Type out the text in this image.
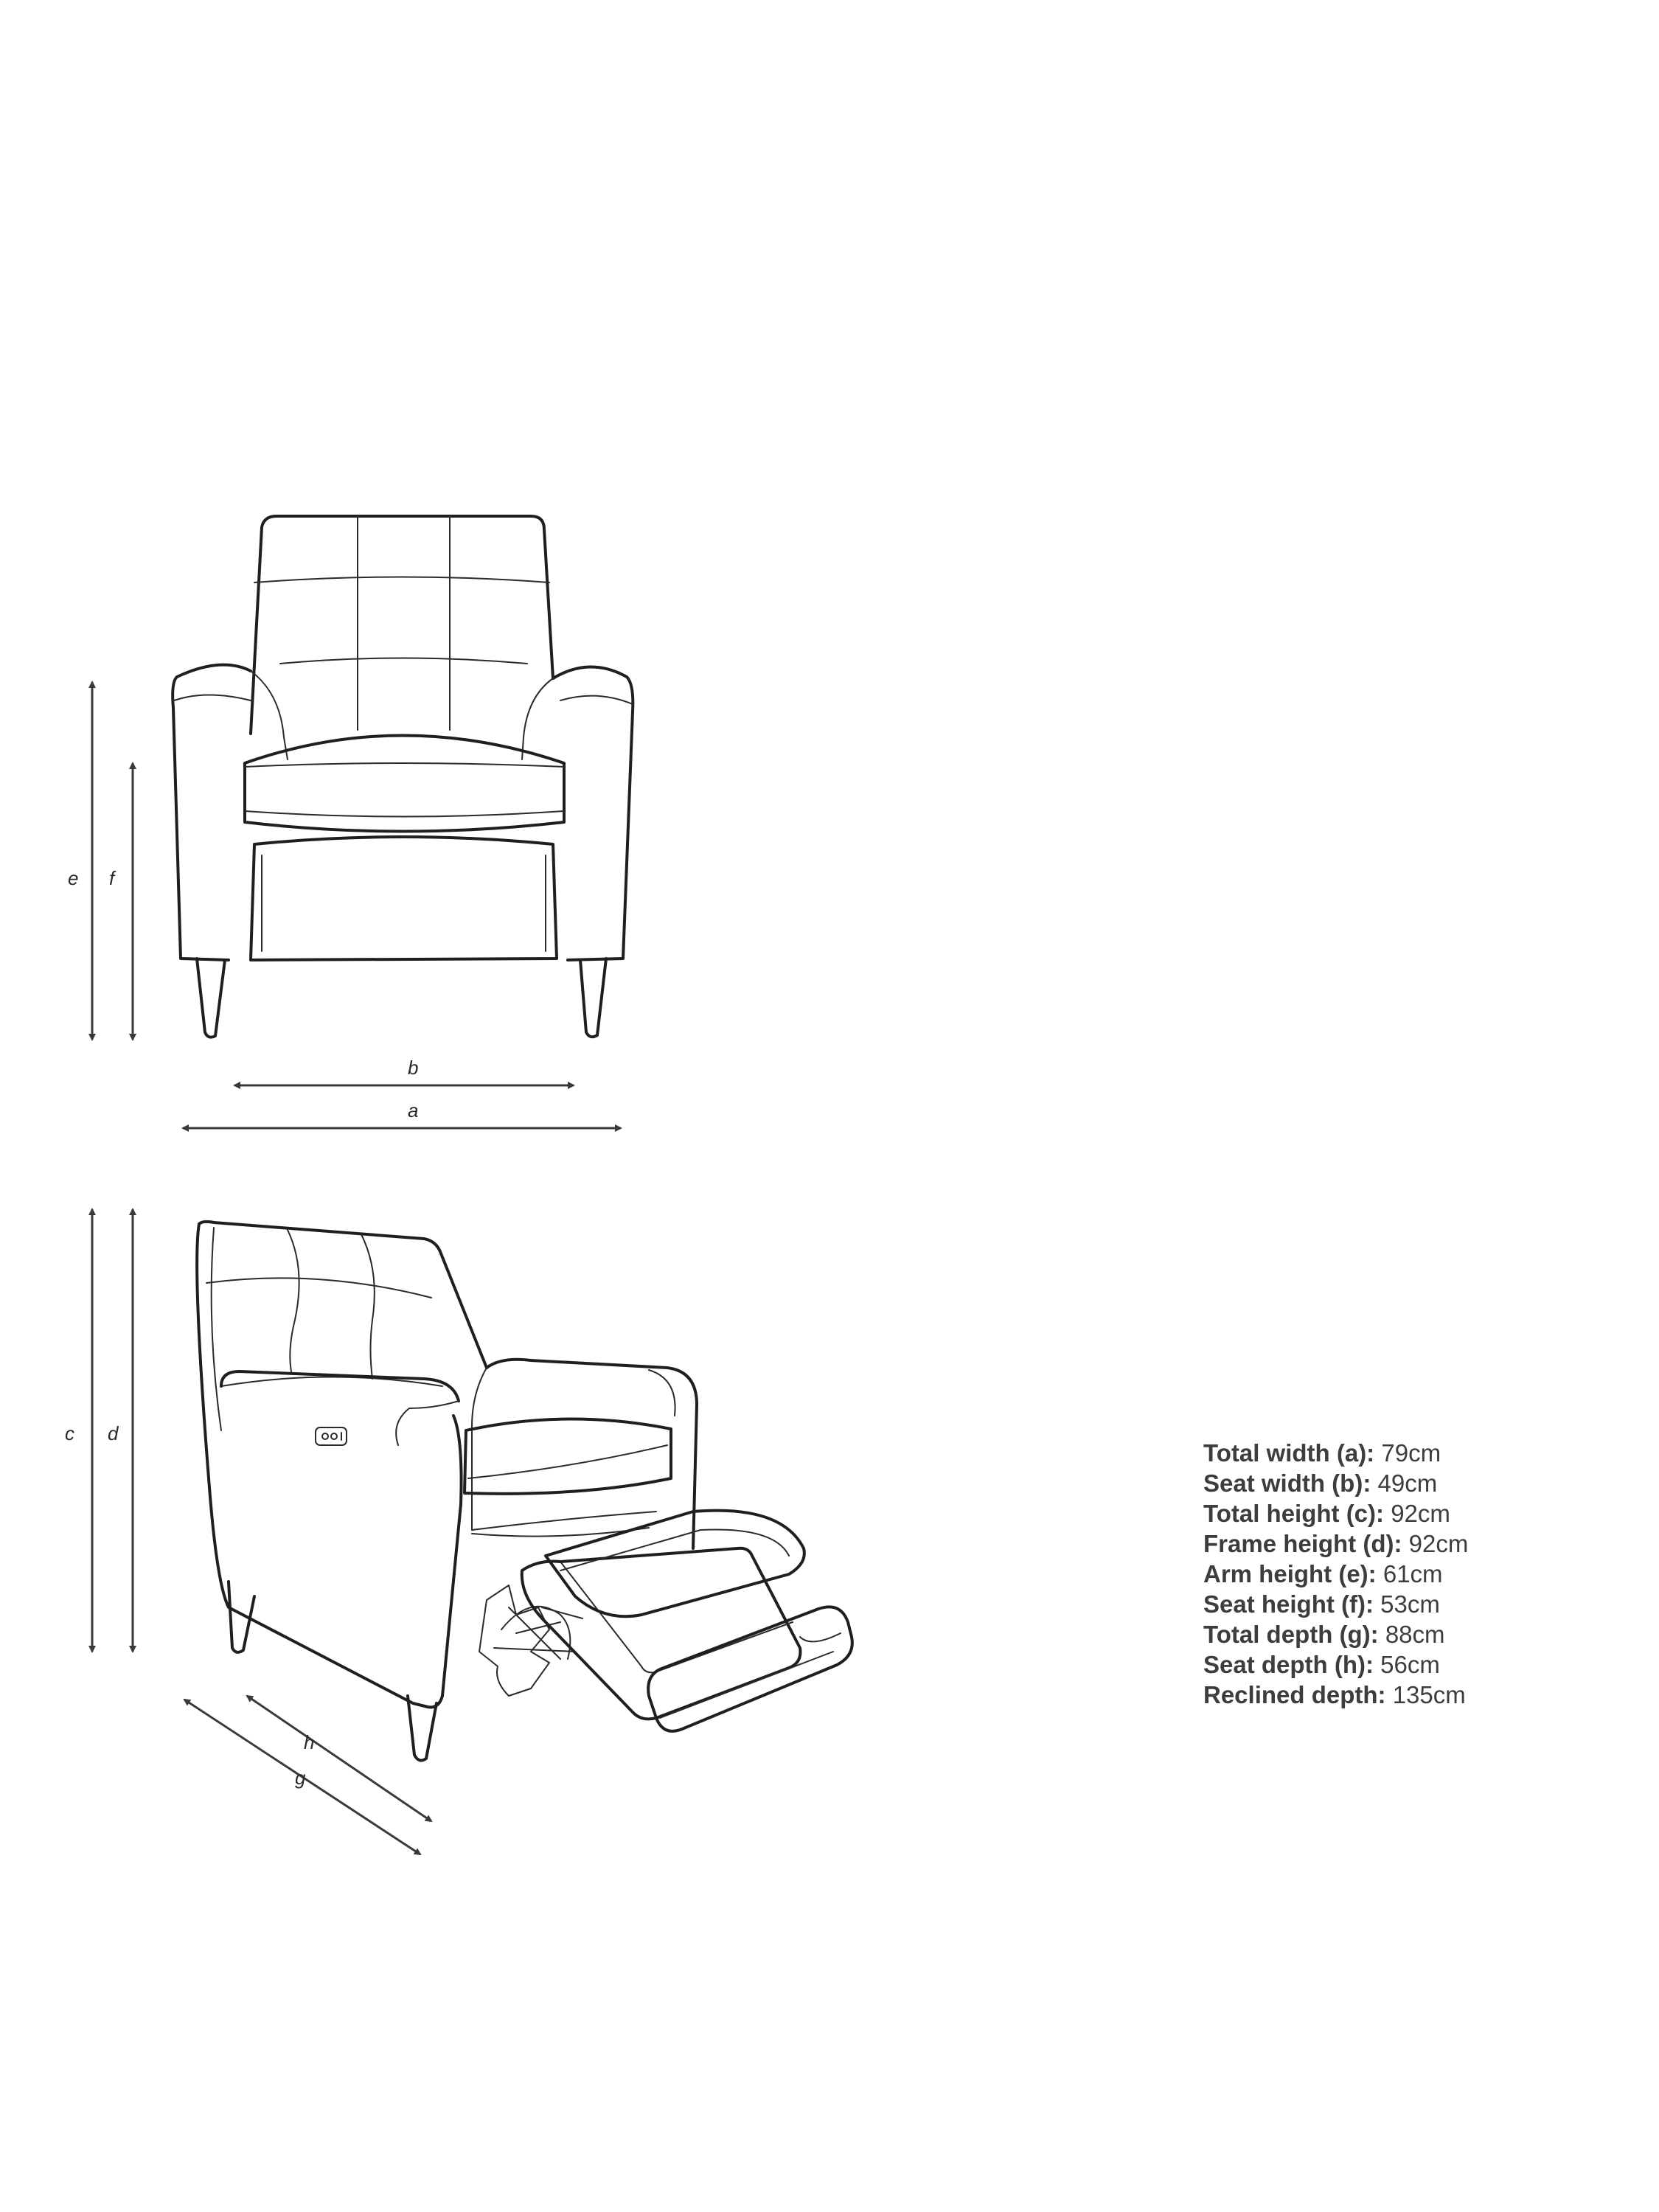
e f
b
a
c d
h
g
Total width (a): 79cm
Seat width (b): 49cm
Total height (c): 92cm
Frame height (d): 92cm
Arm height (e): 61cm
Seat height (f): 53cm
Total depth (g): 88cm
Seat depth (h): 56cm
Reclined depth: 135cm
